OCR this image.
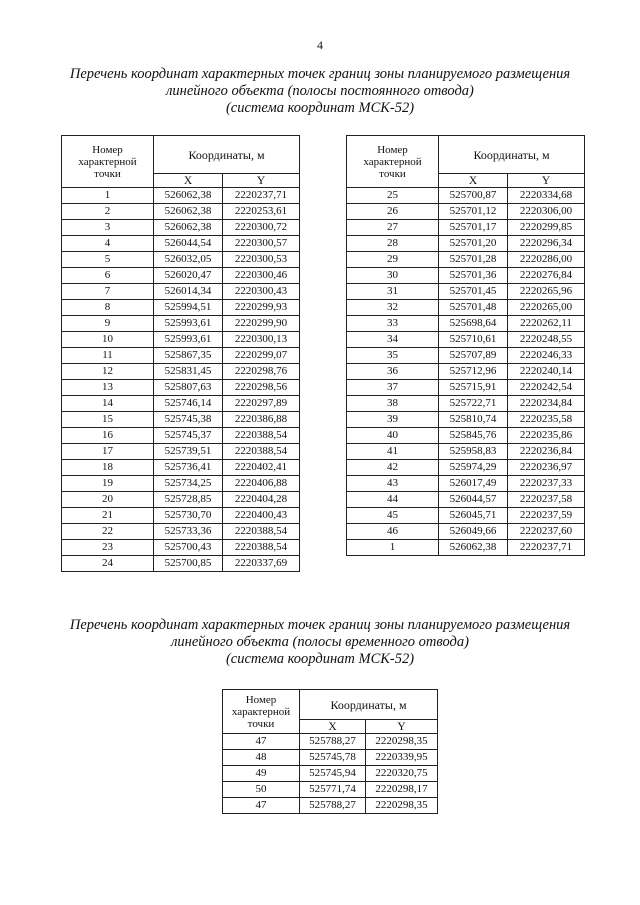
4
Перечень координат характерных точек границ зоны планируемого размещения
линейного объекта (полосы постоянного отвода)
(система координат МСК-52)
Номер
характерной
точки	Координаты, м	
	X	Y
1	526062,38	2220237,71
2	526062,38	2220253,61
3	526062,38	2220300,72
4	526044,54	2220300,57
5	526032,05	2220300,53
6	526020,47	2220300,46
7	526014,34	2220300,43
8	525994,51	2220299,93
9	525993,61	2220299,90
10	525993,61	2220300,13
11	525867,35	2220299,07
12	525831,45	2220298,76
13	525807,63	2220298,56
14	525746,14	2220297,89
15	525745,38	2220386,88
16	525745,37	2220388,54
17	525739,51	2220388,54
18	525736,41	2220402,41
19	525734,25	2220406,88
20	525728,85	2220404,28
21	525730,70	2220400,43
22	525733,36	2220388,54
23	525700,43	2220388,54
24	525700,85	2220337,69
Номер
характерной
точки	Координаты, м	
	X	Y
25	525700,87	2220334,68
26	525701,12	2220306,00
27	525701,17	2220299,85
28	525701,20	2220296,34
29	525701,28	2220286,00
30	525701,36	2220276,84
31	525701,45	2220265,96
32	525701,48	2220265,00
33	525698,64	2220262,11
34	525710,61	2220248,55
35	525707,89	2220246,33
36	525712,96	2220240,14
37	525715,91	2220242,54
38	525722,71	2220234,84
39	525810,74	2220235,58
40	525845,76	2220235,86
41	525958,83	2220236,84
42	525974,29	2220236,97
43	526017,49	2220237,33
44	526044,57	2220237,58
45	526045,71	2220237,59
46	526049,66	2220237,60
1	526062,38	2220237,71
Перечень координат характерных точек границ зоны планируемого размещения
линейного объекта (полосы временного отвода)
(система координат МСК-52)
Номер
характерной
точки	Координаты, м	
	X	Y
47	525788,27	2220298,35
48	525745,78	2220339,95
49	525745,94	2220320,75
50	525771,74	2220298,17
47	525788,27	2220298,35
